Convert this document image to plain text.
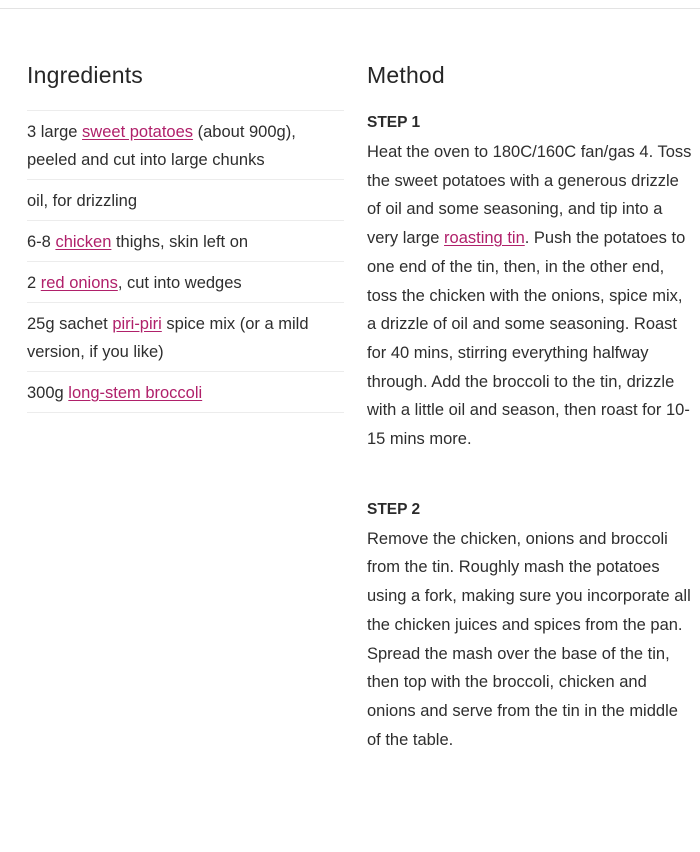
Ingredients
3 large sweet potatoes (about 900g), peeled and cut into large chunks
oil, for drizzling
6-8 chicken thighs, skin left on
2 red onions, cut into wedges
25g sachet piri-piri spice mix (or a mild version, if you like)
300g long-stem broccoli
Method

STEP 1

Heat the oven to 180C/160C fan/gas 4. Toss the sweet potatoes with a generous drizzle of oil and some seasoning, and tip into a very large roasting tin. Push the potatoes to one end of the tin, then, in the other end, toss the chicken with the onions, spice mix, a drizzle of oil and some seasoning. Roast for 40 mins, stirring everything halfway through. Add the broccoli to the tin, drizzle with a little oil and season, then roast for 10-15 mins more.

STEP 2

Remove the chicken, onions and broccoli from the tin. Roughly mash the potatoes using a fork, making sure you incorporate all the chicken juices and spices from the pan. Spread the mash over the base of the tin, then top with the broccoli, chicken and onions and serve from the tin in the middle of the table.
